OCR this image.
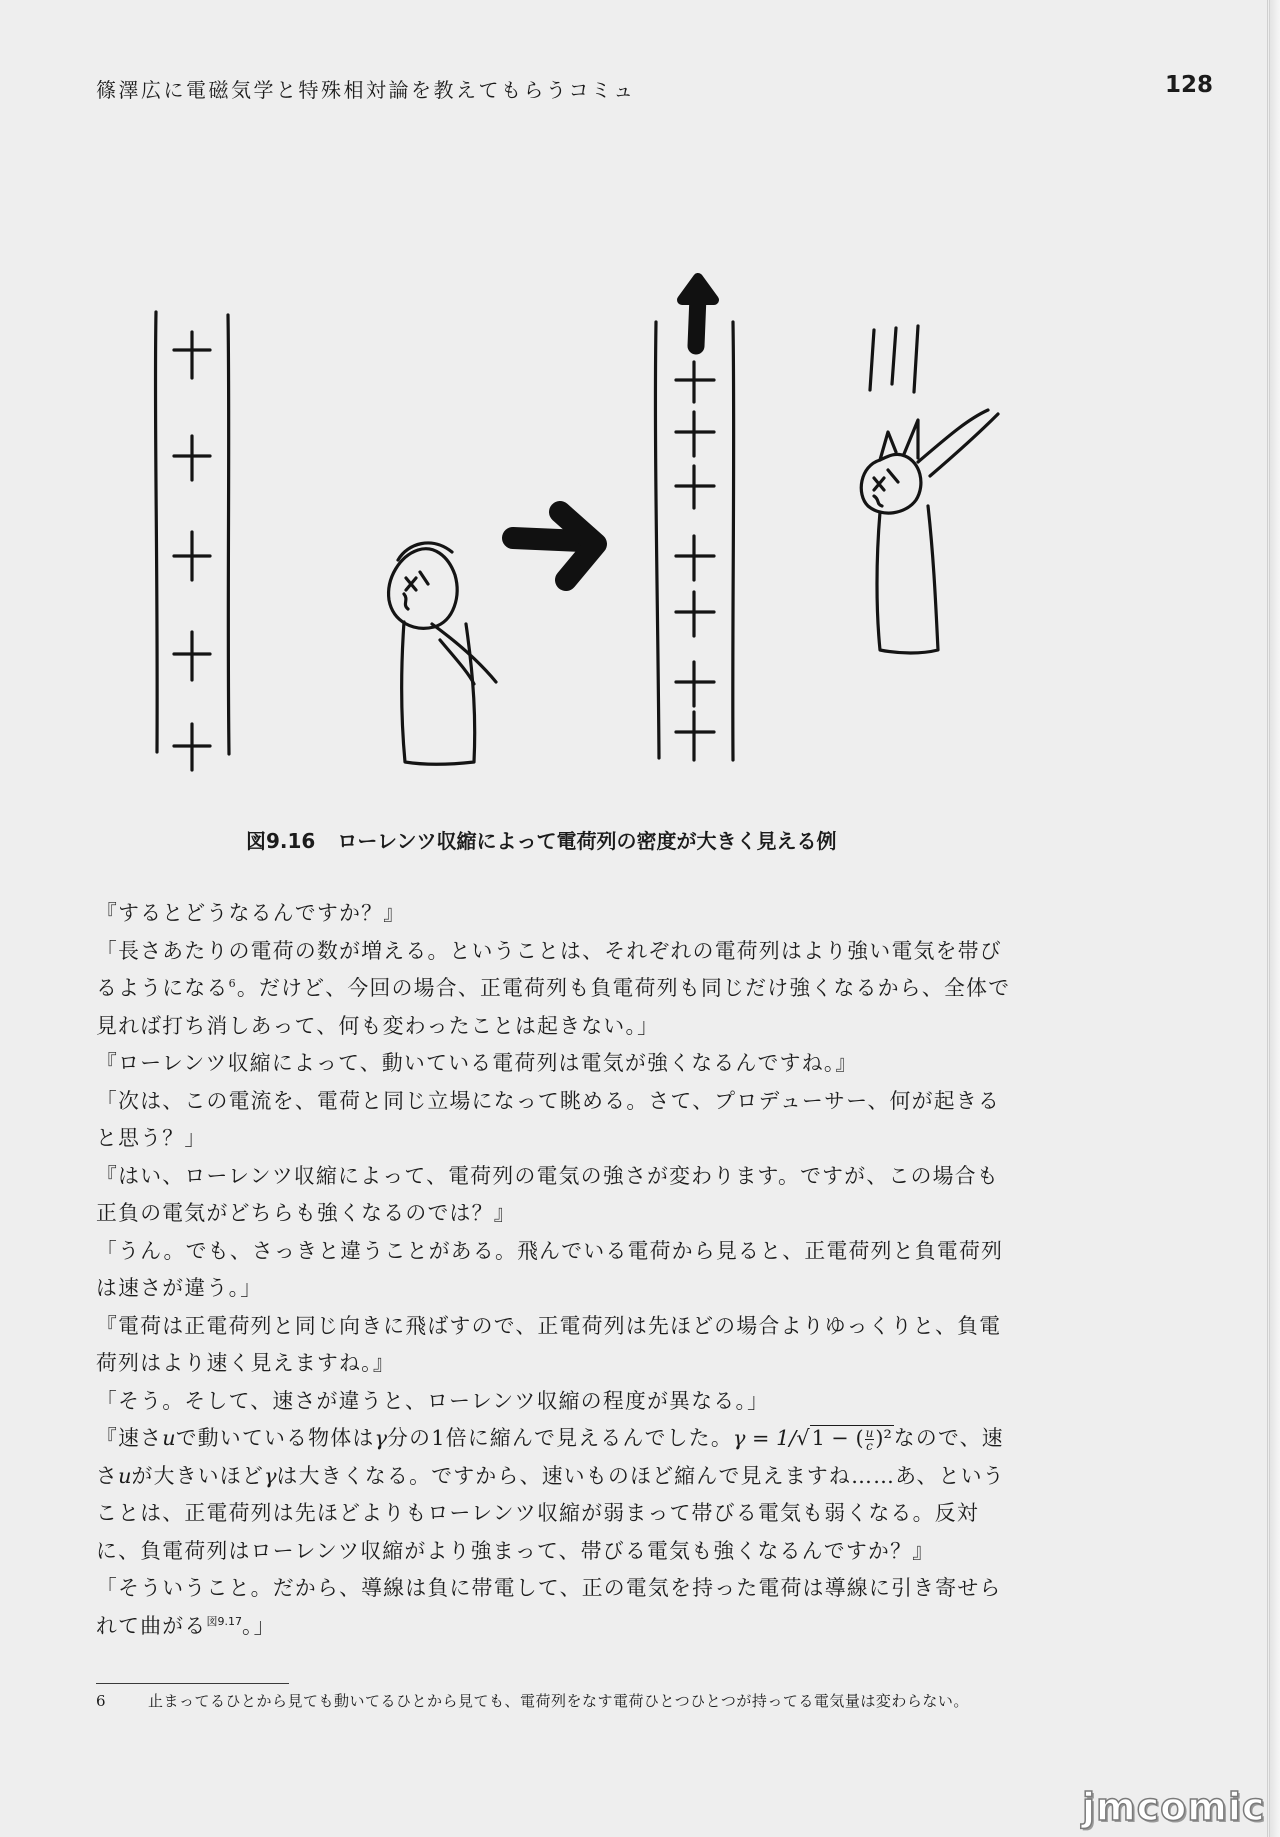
篠澤広に電磁気学と特殊相対論を教えてもらうコミュ	128
図9.16 ローレンツ収縮によって電荷列の密度が大きく見える例

『するとどうなるんですか？』

「長さあたりの電荷の数が増える。ということは、それぞれの電荷列はより強い電気を帯びるようになる$^6$。だけど、今回の場合、正電荷列も負電荷列も同じだけ強くなるから、全体で見れば打ち消しあって、何も変わったことは起きない。」

『ローレンツ収縮によって、動いている電荷列は電気が強くなるんですね。』

「次は、この電流を、電荷と同じ立場になって眺める。さて、プロデューサー、何が起きると思う？」

『はい、ローレンツ収縮によって、電荷列の電気の強さが変わります。ですが、この場合も正負の電気がどちらも強くなるのでは？』

「うん。でも、さっきと違うことがある。飛んでいる電荷から見ると、正電荷列と負電荷列は速さが違う。」

『電荷は正電荷列と同じ向きに飛ばすので、正電荷列は先ほどの場合よりゆっくりと、負電荷列はより速く見えますね。』

「そう。そして、速さが違うと、ローレンツ収縮の程度が異なる。」

『速さuで動いている物体はγ分の1倍に縮んで見えるんでした。γ = 1/√1 − ( $\frac{u}{c} )^2$なので、速さuが大きいほどγは大きくなる。ですから、速いものほど縮んで見えますね……あ、ということは、正電荷列は先ほどよりもローレンツ収縮が弱まって帯びる電気も弱くなる。反対に、負電荷列はローレンツ収縮がより強まって、帯びる電気も強くなるんですか？』

「そういうこと。だから、導線は負に帯電して、正の電気を持った電荷は導線に引き寄せられて曲がる$^{図9.17}$。」

6	止まってるひとから見ても動いてるひとから見ても、電荷列をなす電荷ひとつひとつが持ってる電気量は変わらない。
jmcomic
